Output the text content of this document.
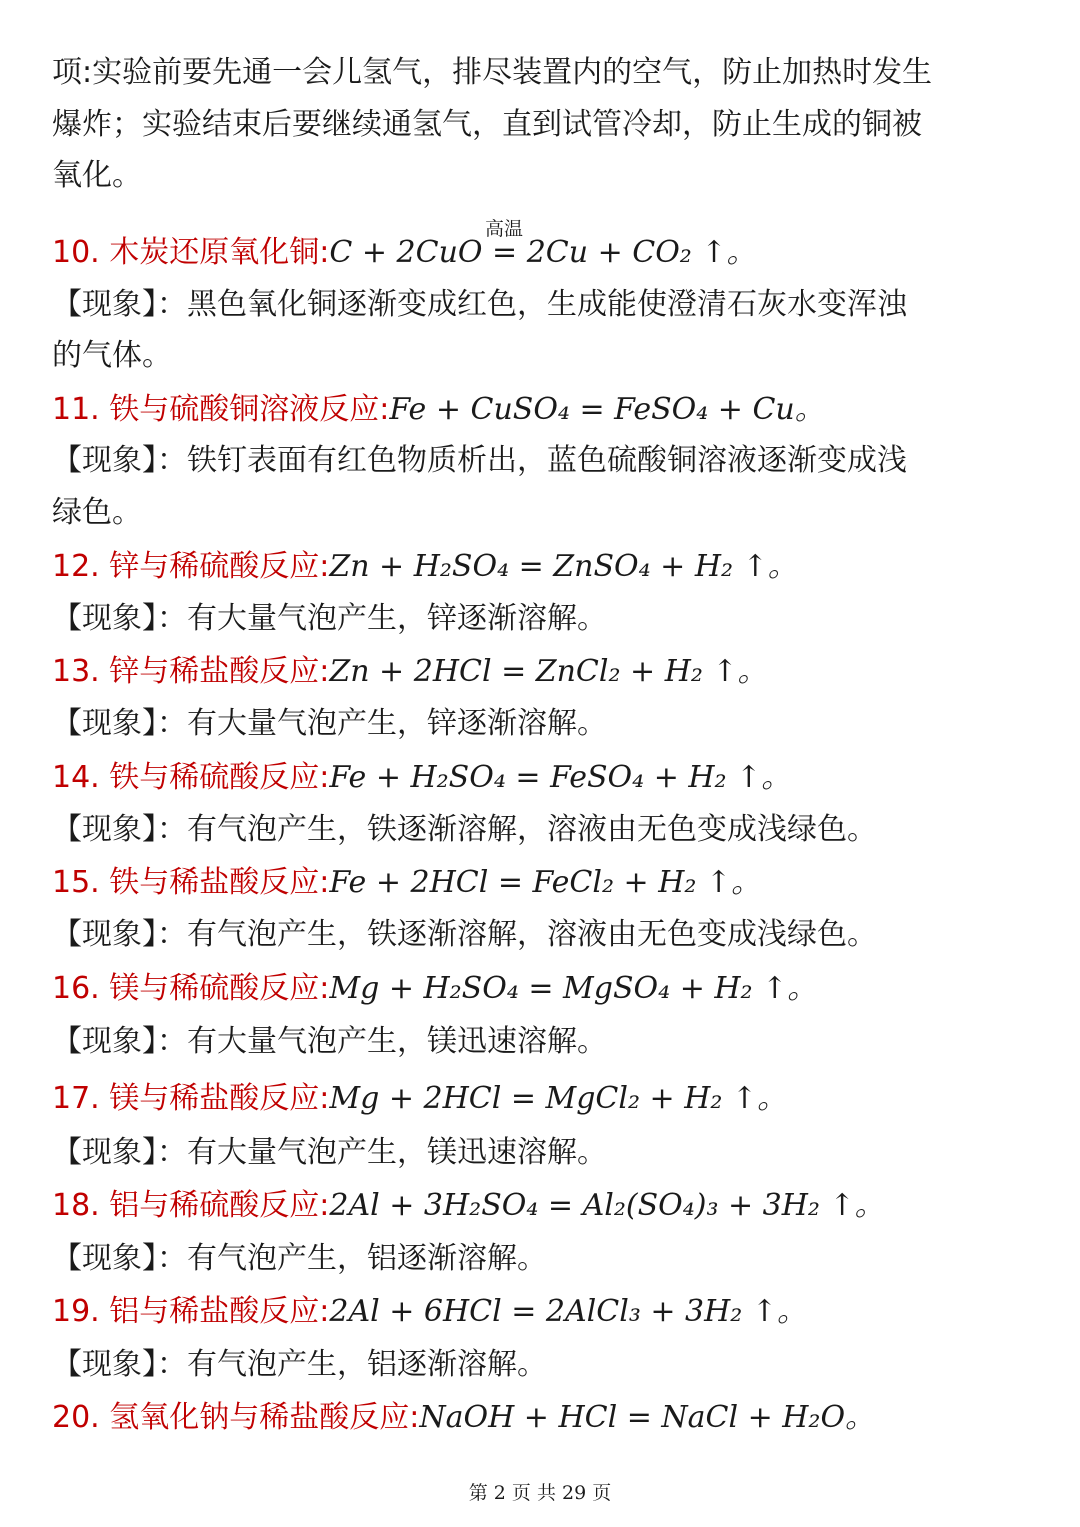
项:实验前要先通一会儿氢气，排尽装置内的空气，防止加热时发生
爆炸；实验结束后要继续通氢气，直到试管冷却，防止生成的铜被
氧化。
高温
10. 木炭还原氧化铜:C + 2CuO = 2Cu + CO₂ ↑。
【现象】：黑色氧化铜逐渐变成红色，生成能使澄清石灰水变浑浊
的气体。
11. 铁与硫酸铜溶液反应:Fe + CuSO₄ = FeSO₄ + Cu。
【现象】：铁钉表面有红色物质析出，蓝色硫酸铜溶液逐渐变成浅
绿色。
12. 锌与稀硫酸反应:Zn + H₂SO₄ = ZnSO₄ + H₂ ↑。
【现象】：有大量气泡产生，锌逐渐溶解。
13. 锌与稀盐酸反应:Zn + 2HCl = ZnCl₂ + H₂ ↑。
【现象】：有大量气泡产生，锌逐渐溶解。
14. 铁与稀硫酸反应:Fe + H₂SO₄ = FeSO₄ + H₂ ↑。
【现象】：有气泡产生，铁逐渐溶解，溶液由无色变成浅绿色。
15. 铁与稀盐酸反应:Fe + 2HCl = FeCl₂ + H₂ ↑。
【现象】：有气泡产生，铁逐渐溶解，溶液由无色变成浅绿色。
16. 镁与稀硫酸反应:Mg + H₂SO₄ = MgSO₄ + H₂ ↑。
【现象】：有大量气泡产生，镁迅速溶解。
17. 镁与稀盐酸反应:Mg + 2HCl = MgCl₂ + H₂ ↑。
【现象】：有大量气泡产生，镁迅速溶解。
18. 铝与稀硫酸反应:2Al + 3H₂SO₄ = Al₂(SO₄)₃ + 3H₂ ↑。
【现象】：有气泡产生，铝逐渐溶解。
19. 铝与稀盐酸反应:2Al + 6HCl = 2AlCl₃ + 3H₂ ↑。
【现象】：有气泡产生，铝逐渐溶解。
20. 氢氧化钠与稀盐酸反应:NaOH + HCl = NaCl + H₂O。
第 2 页 共 29 页
